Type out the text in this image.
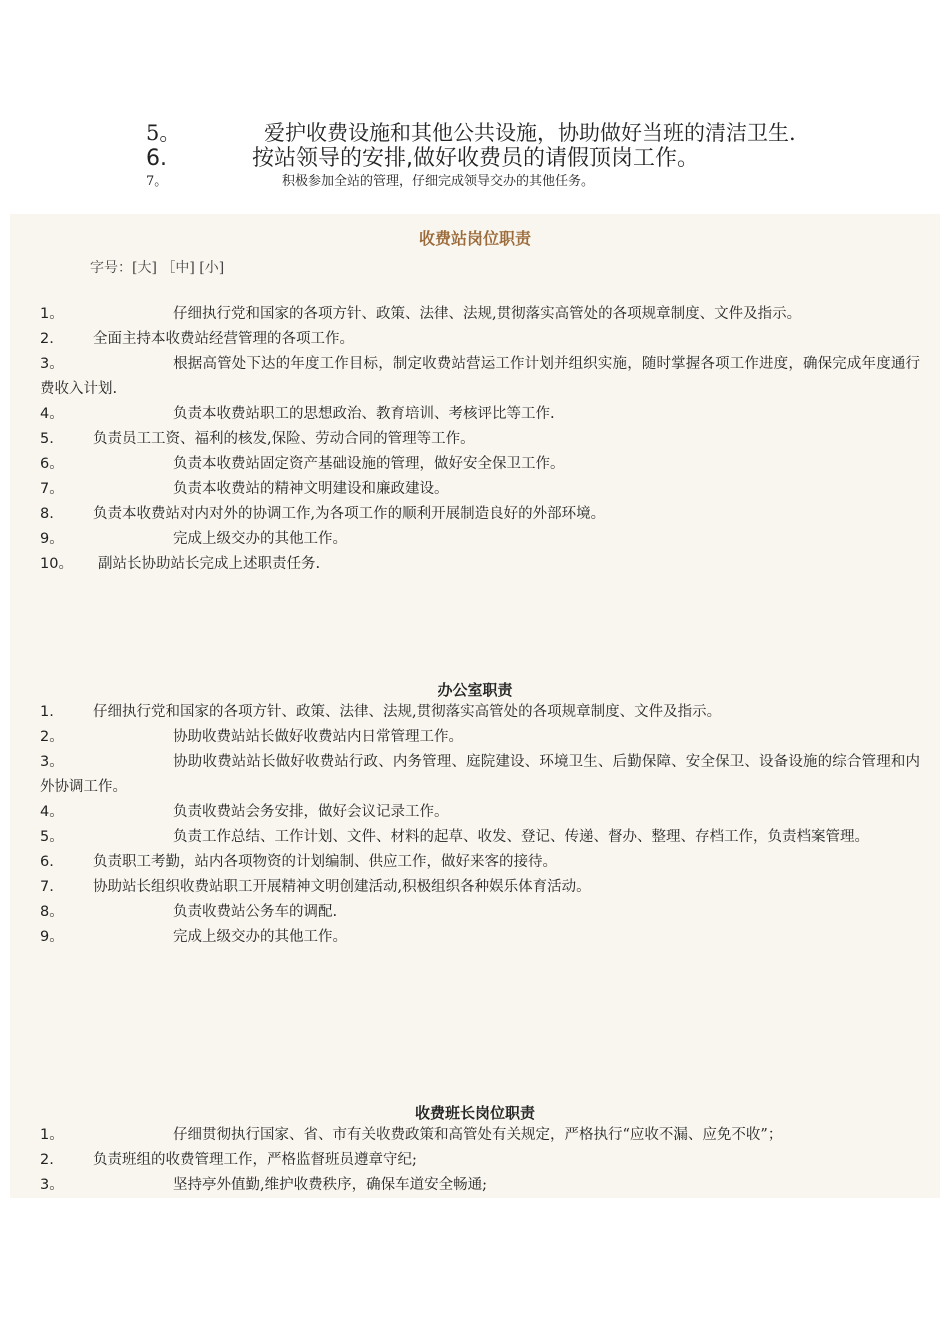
5。	爱护收费设施和其他公共设施，协助做好当班的清洁卫生.
6.	按站领导的安排,做好收费员的请假顶岗工作。
7。	积极参加全站的管理，仔细完成领导交办的其他任务。
收费站岗位职责
字号：[大] ［中] [小]
1。	仔细执行党和国家的各项方针、政策、法律、法规,贯彻落实高管处的各项规章制度、文件及指示。
2.	全面主持本收费站经营管理的各项工作。
3。	根据高管处下达的年度工作目标，制定收费站营运工作计划并组织实施，随时掌握各项工作进度，确保完成年度通行费收入计划.
4。	负责本收费站职工的思想政治、教育培训、考核评比等工作.
5.	负责员工工资、福利的核发,保险、劳动合同的管理等工作。
6。	负责本收费站固定资产基础设施的管理，做好安全保卫工作。
7。	负责本收费站的精神文明建设和廉政建设。
8.	负责本收费站对内对外的协调工作,为各项工作的顺利开展制造良好的外部环境。
9。	完成上级交办的其他工作。
10。 副站长协助站长完成上述职责任务.
办公室职责
1.	仔细执行党和国家的各项方针、政策、法律、法规,贯彻落实高管处的各项规章制度、文件及指示。
2。	协助收费站站长做好收费站内日常管理工作。
3。	协助收费站站长做好收费站行政、内务管理、庭院建设、环境卫生、后勤保障、安全保卫、设备设施的综合管理和内外协调工作。
4。	负责收费站会务安排，做好会议记录工作。
5。	负责工作总结、工作计划、文件、材料的起草、收发、登记、传递、督办、整理、存档工作，负责档案管理。
6.	负责职工考勤，站内各项物资的计划编制、供应工作，做好来客的接待。
7.	协助站长组织收费站职工开展精神文明创建活动,积极组织各种娱乐体育活动。
8。	负责收费站公务车的调配.
9。	完成上级交办的其他工作。
收费班长岗位职责
1。	仔细贯彻执行国家、省、市有关收费政策和高管处有关规定，严格执行“应收不漏、应免不收”；
2.	负责班组的收费管理工作，严格监督班员遵章守纪;
3。	坚持亭外值勤,维护收费秩序，确保车道安全畅通;
